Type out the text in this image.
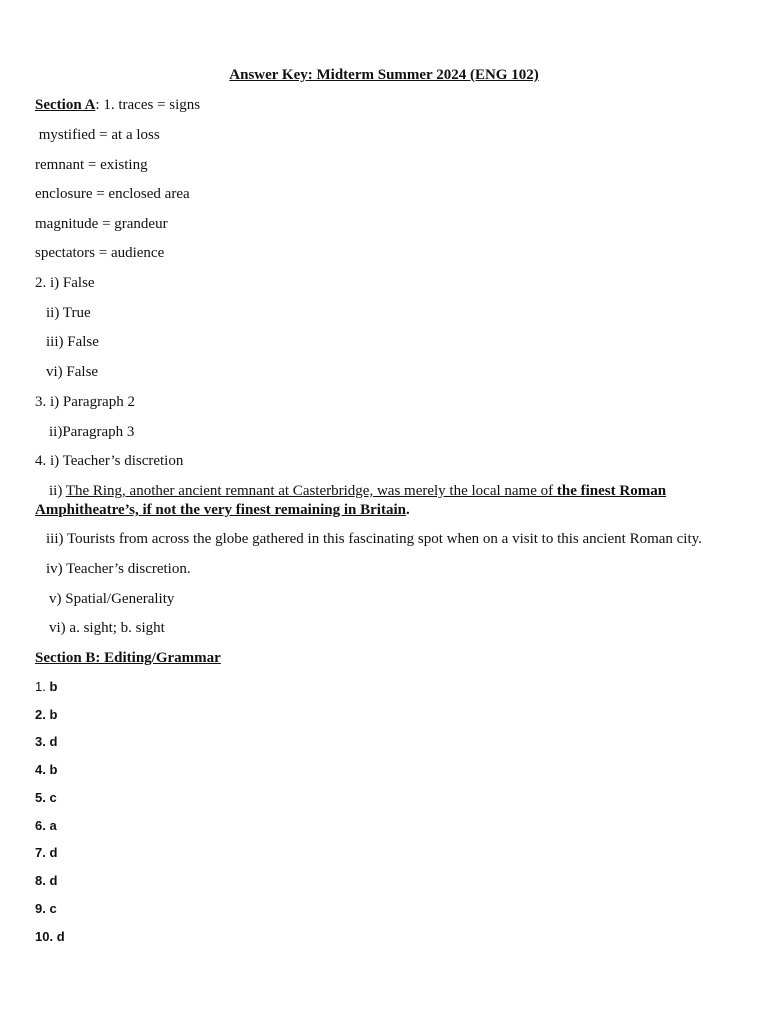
Answer Key: Midterm Summer 2024 (ENG 102)
Section A: 1. traces = signs
mystified = at a loss
remnant = existing
enclosure = enclosed area
magnitude = grandeur
spectators = audience
2. i) False
ii) True
iii) False
vi) False
3. i) Paragraph 2
ii)Paragraph 3
4. i) Teacher’s discretion
ii) The Ring, another ancient remnant at Casterbridge, was merely the local name of the finest Roman
Amphitheatre’s, if not the very finest remaining in Britain.
iii) Tourists from across the globe gathered in this fascinating spot when on a visit to this ancient Roman city.
iv) Teacher’s discretion.
v) Spatial/Generality
vi) a. sight; b. sight
Section B: Editing/Grammar
1. b
2. b
3. d
4. b
5. c
6. a
7. d
8. d
9. c
10. d
